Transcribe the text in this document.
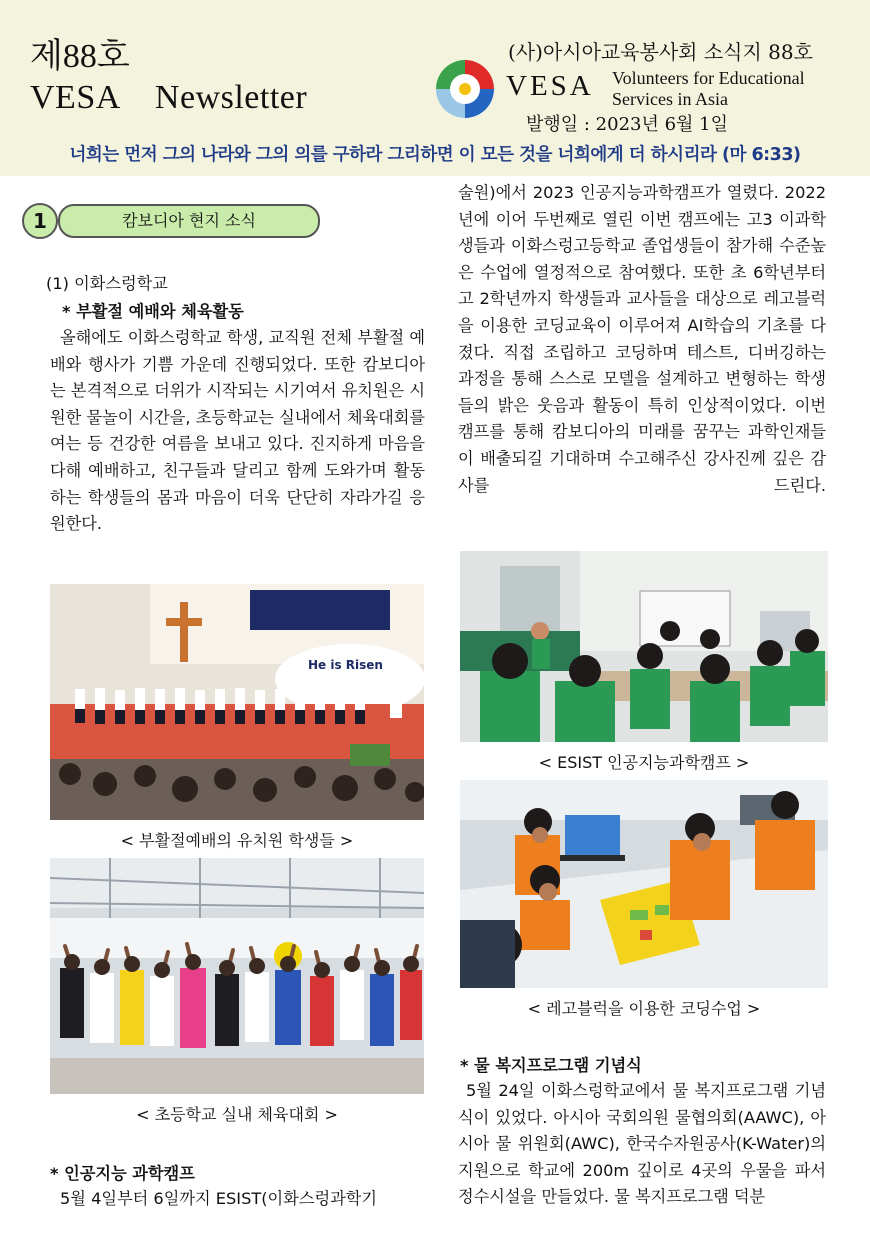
제88호
VESA    Newsletter
(사)아시아교육봉사회 소식지 88호
VESA Volunteers for Educational
Services in Asia
발행일 : 2023년 6월 1일
너희는 먼저 그의 나라와 그의 의를 구하라 그리하면 이 모든 것을 너희에게 더 하시리라 (마 6:33)
1	캄보디아 현지 소식
(1) 이화스렁학교
* 부활절 예배와 체육활동
올해에도 이화스렁학교 학생, 교직원 전체 부활절 예배와 행사가 기쁨 가운데 진행되었다. 또한 캄보디아는 본격적으로 더위가 시작되는 시기여서 유치원은 시원한 물놀이 시간을, 초등학교는 실내에서 체육대회를 여는 등 건강한 여름을 보내고 있다. 진지하게 마음을 다해 예배하고, 친구들과 달리고 함께 도와가며 활동하는 학생들의 몸과 마음이 더욱 단단히 자라가길 응원한다.
He is Risen
< 부활절예배의 유치원 학생들 >
< 초등학교 실내 체육대회 >
* 인공지능 과학캠프
5월 4일부터 6일까지 ESIST(이화스렁과학기
술원)에서 2023 인공지능과학캠프가 열렸다. 2022년에 이어 두번째로 열린 이번 캠프에는 고3 이과학생들과 이화스렁고등학교 졸업생들이 참가해 수준높은 수업에 열정적으로 참여했다. 또한 초 6학년부터 고 2학년까지 학생들과 교사들을 대상으로 레고블럭을 이용한 코딩교육이 이루어져 AI학습의 기초를 다졌다. 직접 조립하고 코딩하며 테스트, 디버깅하는 과정을 통해 스스로 모델을 설계하고 변형하는 학생들의 밝은 웃음과 활동이 특히 인상적이었다. 이번 캠프를 통해 캄보디아의 미래를 꿈꾸는 과학인재들이 배출되길 기대하며 수고해주신 강사진께 깊은 감사를 드린다.
< ESIST 인공지능과학캠프 >
< 레고블럭을 이용한 코딩수업 >
* 물 복지프로그램 기념식
5월 24일 이화스렁학교에서 물 복지프로그램 기념식이 있었다. 아시아 국회의원 물협의회(AAWC), 아시아 물 위원회(AWC), 한국수자원공사(K-Water)의 지원으로 학교에 200m 깊이로 4곳의 우물을 파서 정수시설을 만들었다. 물 복지프로그램 덕분
